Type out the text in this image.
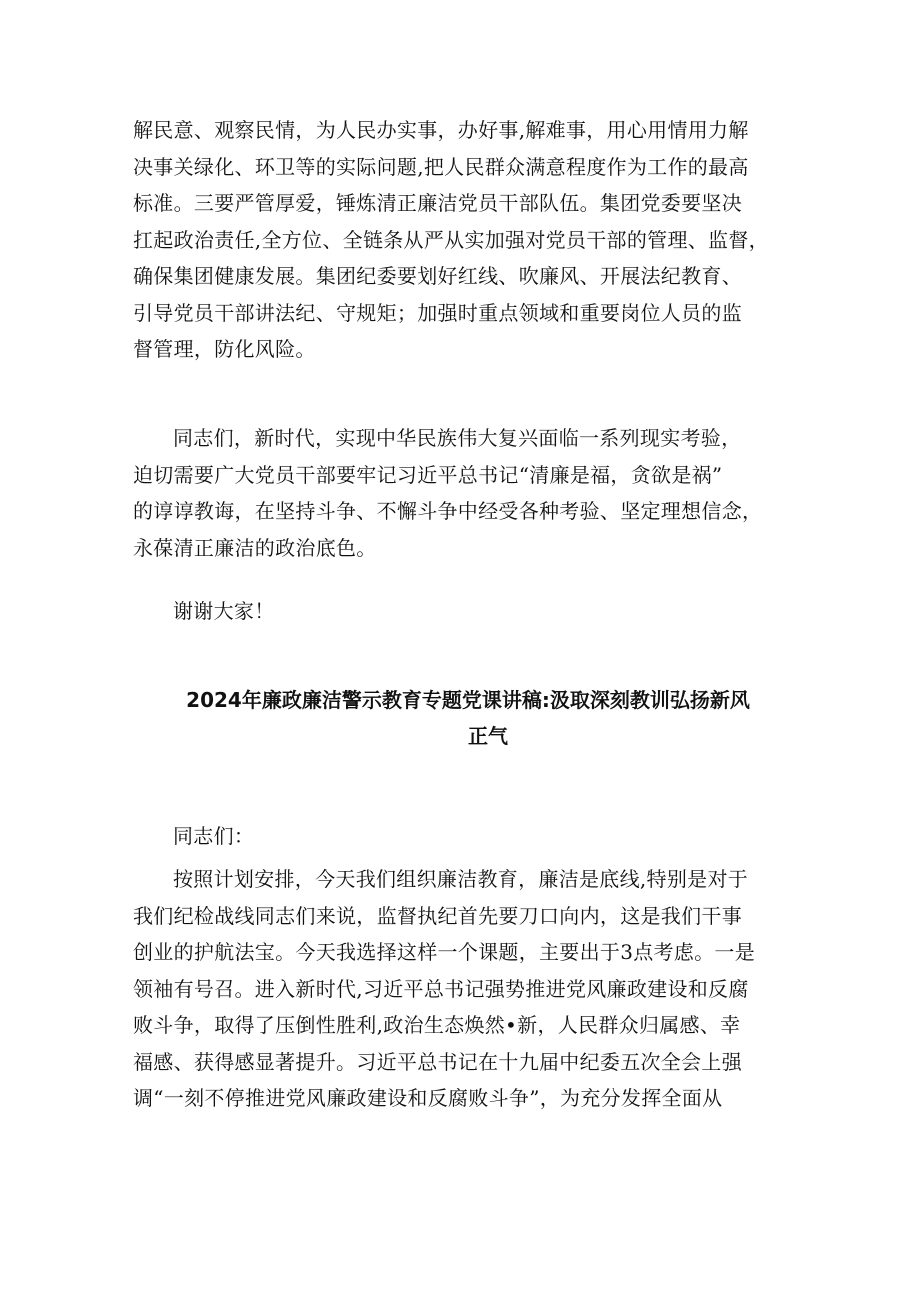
解民意、观察民情，为人民办实事，办好事,解难事，用心用情用力解
决事关绿化、环卫等的实际问题,把人民群众满意程度作为工作的最高
标准。三要严管厚爱，锤炼清正廉洁党员干部队伍。集团党委要坚决
扛起政治责任,全方位、全链条从严从实加强对党员干部的管理、监督，
确保集团健康发展。集团纪委要划好红线、吹廉风、开展法纪教育、
引导党员干部讲法纪、守规矩；加强时重点领域和重要岗位人员的监
督管理，防化风险。
同志们，新时代，实现中华民族伟大复兴面临一系列现实考验，
迫切需要广大党员干部要牢记习近平总书记“清廉是福，贪欲是祸”
的谆谆教诲，在坚持斗争、不懈斗争中经受各种考验、坚定理想信念，
永葆清正廉洁的政治底色。
谢谢大家！
2024年廉政廉洁警示教育专题党课讲稿:汲取深刻教训弘扬新风
正气
同志们：
按照计划安排，今天我们组织廉洁教育，廉洁是底线,特别是对于
我们纪检战线同志们来说，监督执纪首先要刀口向内，这是我们干事
创业的护航法宝。今天我选择这样一个课题，主要出于3点考虑。一是
领袖有号召。进入新时代,习近平总书记强势推进党风廉政建设和反腐
败斗争，取得了压倒性胜利,政治生态焕然•新，人民群众归属感、幸
福感、获得感显著提升。习近平总书记在十九届中纪委五次全会上强
调“一刻不停推进党风廉政建设和反腐败斗争”，为充分发挥全面从
